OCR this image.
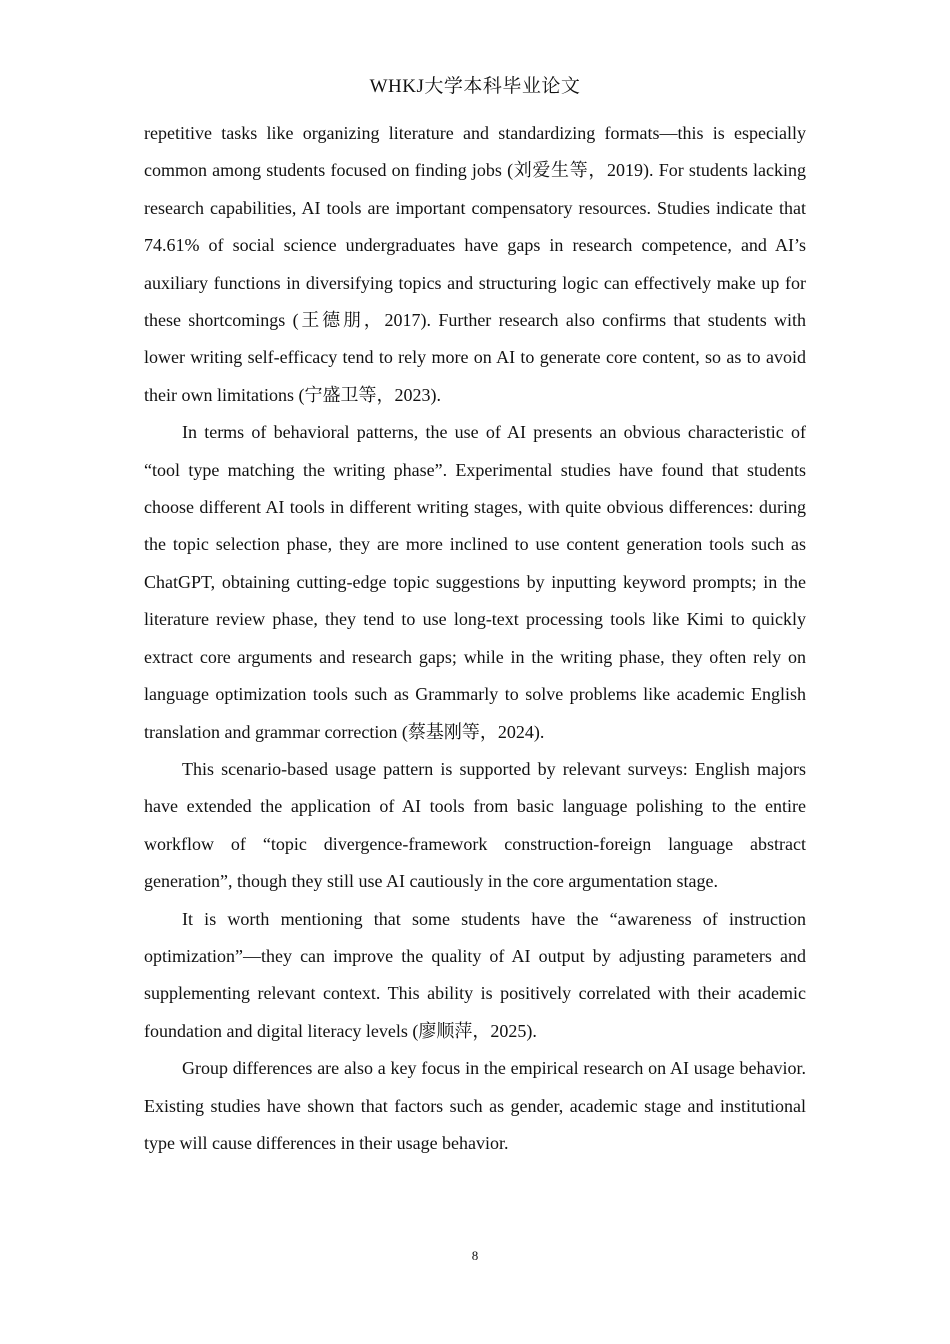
WHKJ大学本科毕业论文

repetitive tasks like organizing literature and standardizing formats—this is especially common among students focused on finding jobs (刘爱生等，2019). For students lacking research capabilities, AI tools are important compensatory resources. Studies indicate that 74.61% of social science undergraduates have gaps in research competence, and AI’s auxiliary functions in diversifying topics and structuring logic can effectively make up for these shortcomings (王德朋，2017). Further research also confirms that students with lower writing self-efficacy tend to rely more on AI to generate core content, so as to avoid their own limitations (宁盛卫等，2023).

In terms of behavioral patterns, the use of AI presents an obvious characteristic of “tool type matching the writing phase”. Experimental studies have found that students choose different AI tools in different writing stages, with quite obvious differences: during the topic selection phase, they are more inclined to use content generation tools such as ChatGPT, obtaining cutting-edge topic suggestions by inputting keyword prompts; in the literature review phase, they tend to use long-text processing tools like Kimi to quickly extract core arguments and research gaps; while in the writing phase, they often rely on language optimization tools such as Grammarly to solve problems like academic English translation and grammar correction (蔡基刚等，2024).

This scenario-based usage pattern is supported by relevant surveys: English majors have extended the application of AI tools from basic language polishing to the entire workflow of “topic divergence-framework construction-foreign language abstract generation”, though they still use AI cautiously in the core argumentation stage.

It is worth mentioning that some students have the “awareness of instruction optimization”—they can improve the quality of AI output by adjusting parameters and supplementing relevant context. This ability is positively correlated with their academic foundation and digital literacy levels (廖顺萍，2025).

Group differences are also a key focus in the empirical research on AI usage behavior. Existing studies have shown that factors such as gender, academic stage and institutional type will cause differences in their usage behavior.

8
